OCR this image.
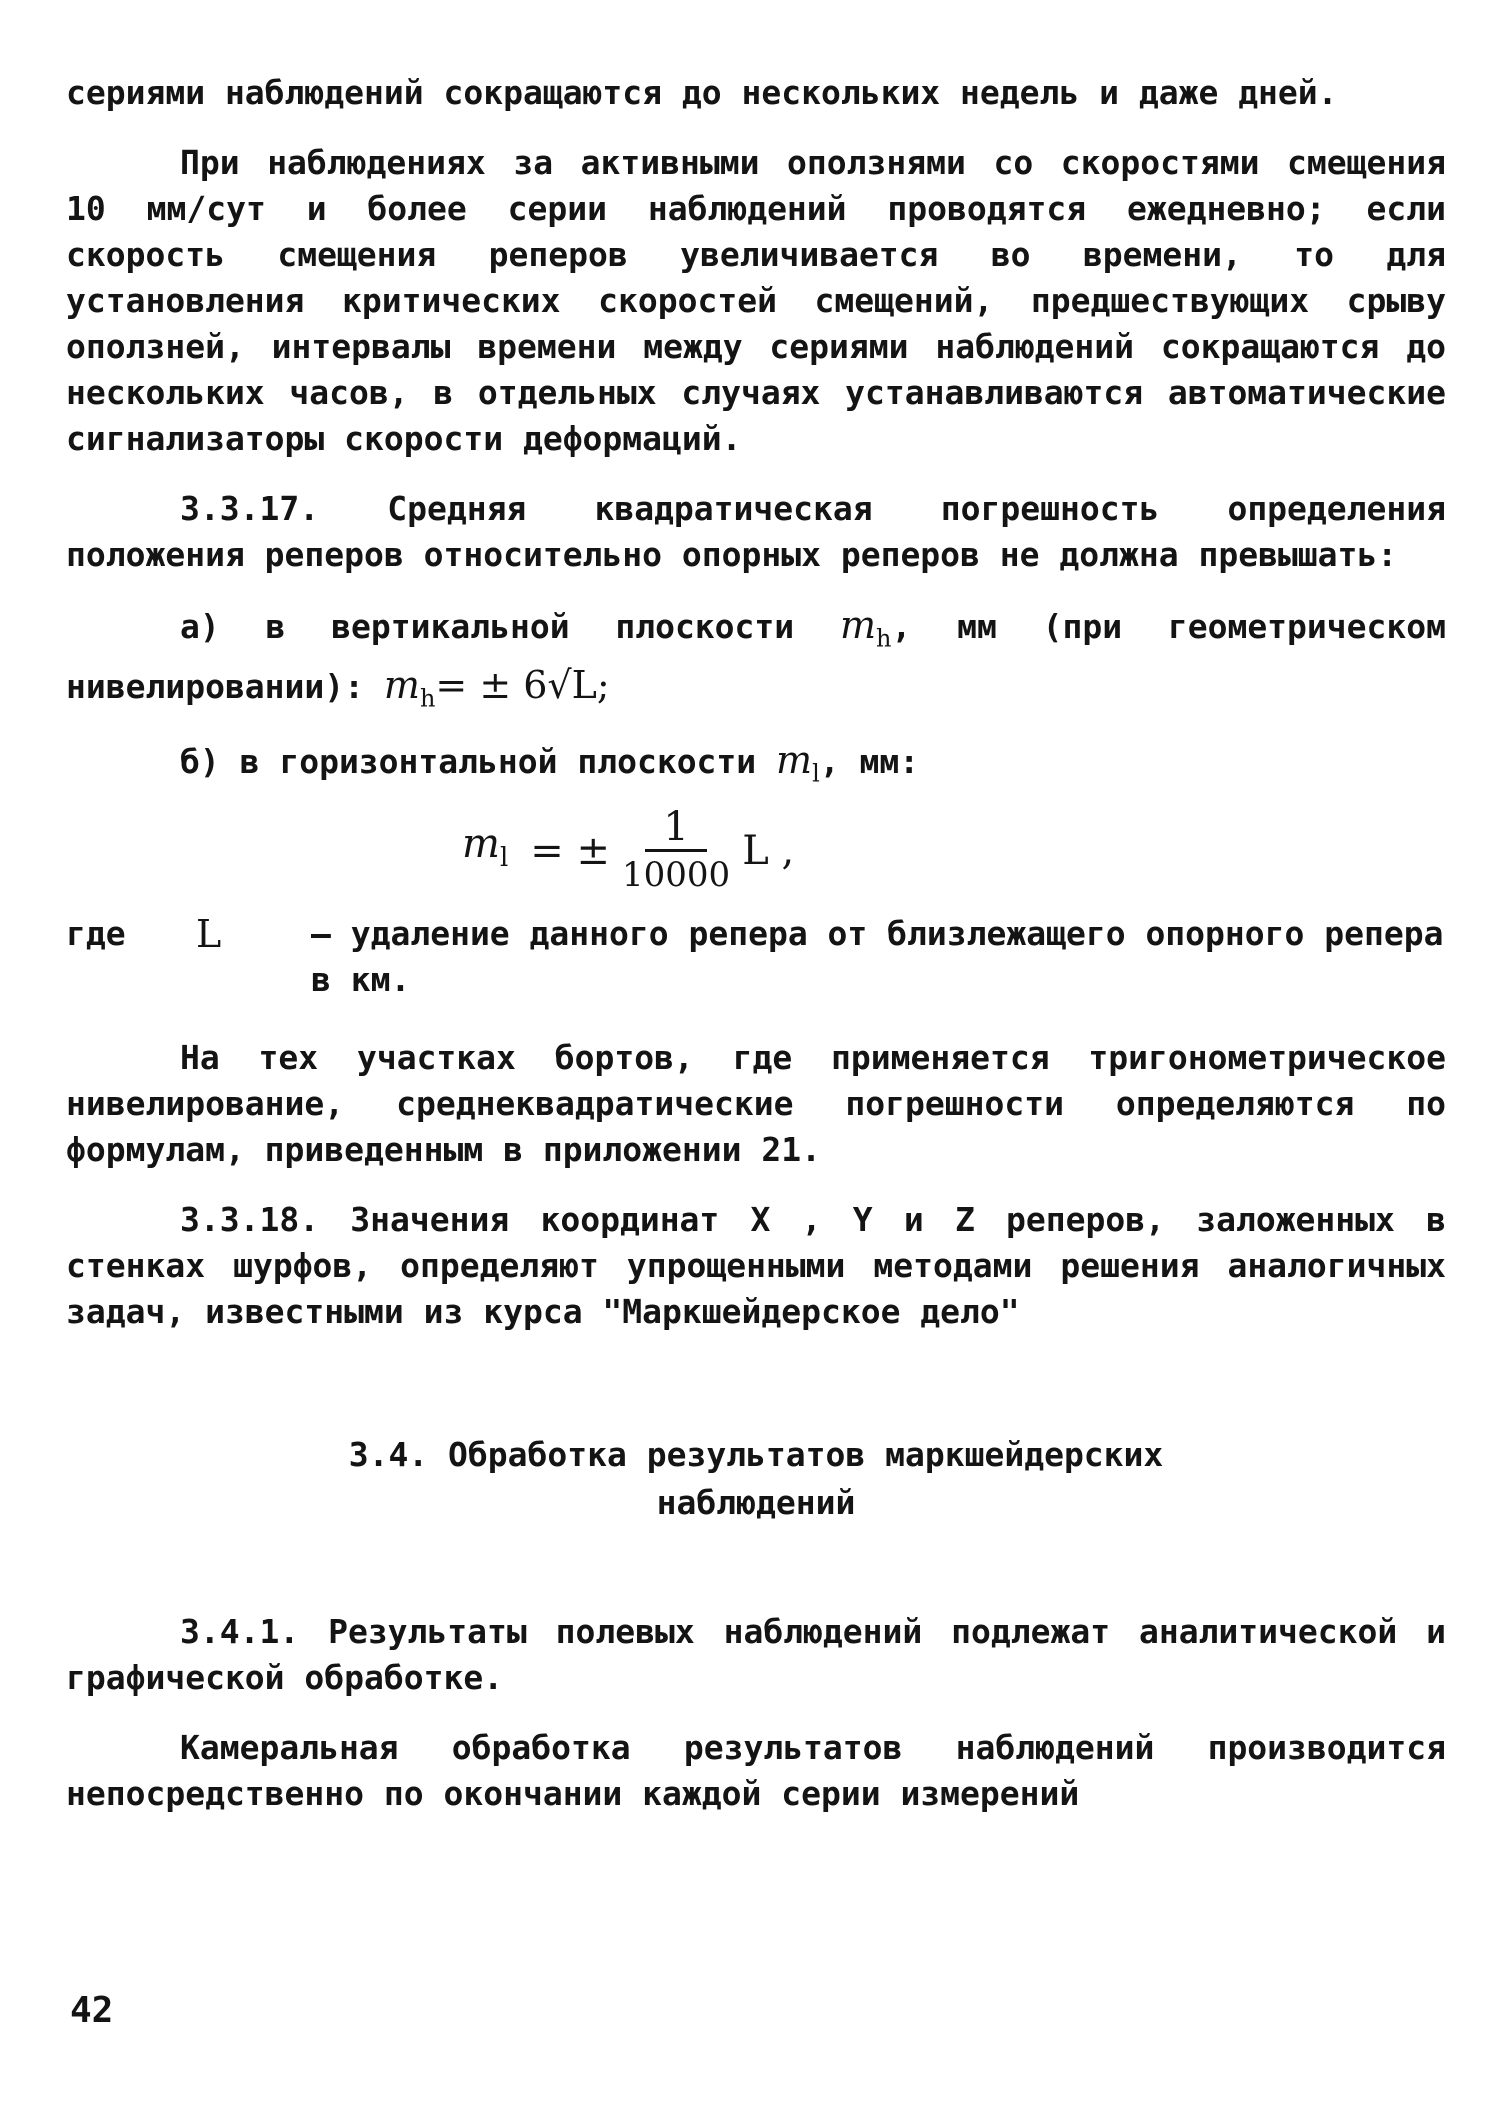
сериями наблюдений сокращаются до нескольких недель и даже дней.

При наблюдениях за активными оползнями со скоростями смещения 10 мм/сут и более серии наблюдений проводятся ежедневно; если скорость смещения реперов увеличивается во времени, то для установления критических скоростей смещений, предшествующих срыву оползней, интервалы времени между сериями наблюдений сокращаются до нескольких часов, в отдельных случаях устанавливаются автоматические сигнализаторы скорости деформаций.

3.3.17. Средняя квадратическая погрешность определения положения реперов относительно опорных реперов не должна превышать:

а) в вертикальной плоскости $m_h$, мм (при геометрическом нивелировании): $m_h= \pm 6√L$;

б) в горизонтальной плоскости $m_l$, мм:

$m_l$ = ± $\frac{1}{10000}$ L ,
где L	– удаление данного репера от близлежащего опорного репера в км.

На тех участках бортов, где применяется тригонометрическое нивелирование, среднеквадратические погрешности определяются по формулам, приведенным в приложении 21.

3.3.18. Значения координат X , Y и Z реперов, заложенных в стенках шурфов, определяют упрощенными методами решения аналогичных задач, известными из курса "Маркшейдерское дело"

3.4. Обработка результатов маркшейдерских
наблюдений

3.4.1. Результаты полевых наблюдений подлежат аналитической и графической обработке.

Камеральная обработка результатов наблюдений производится непосредственно по окончании каждой серии измерений

42
